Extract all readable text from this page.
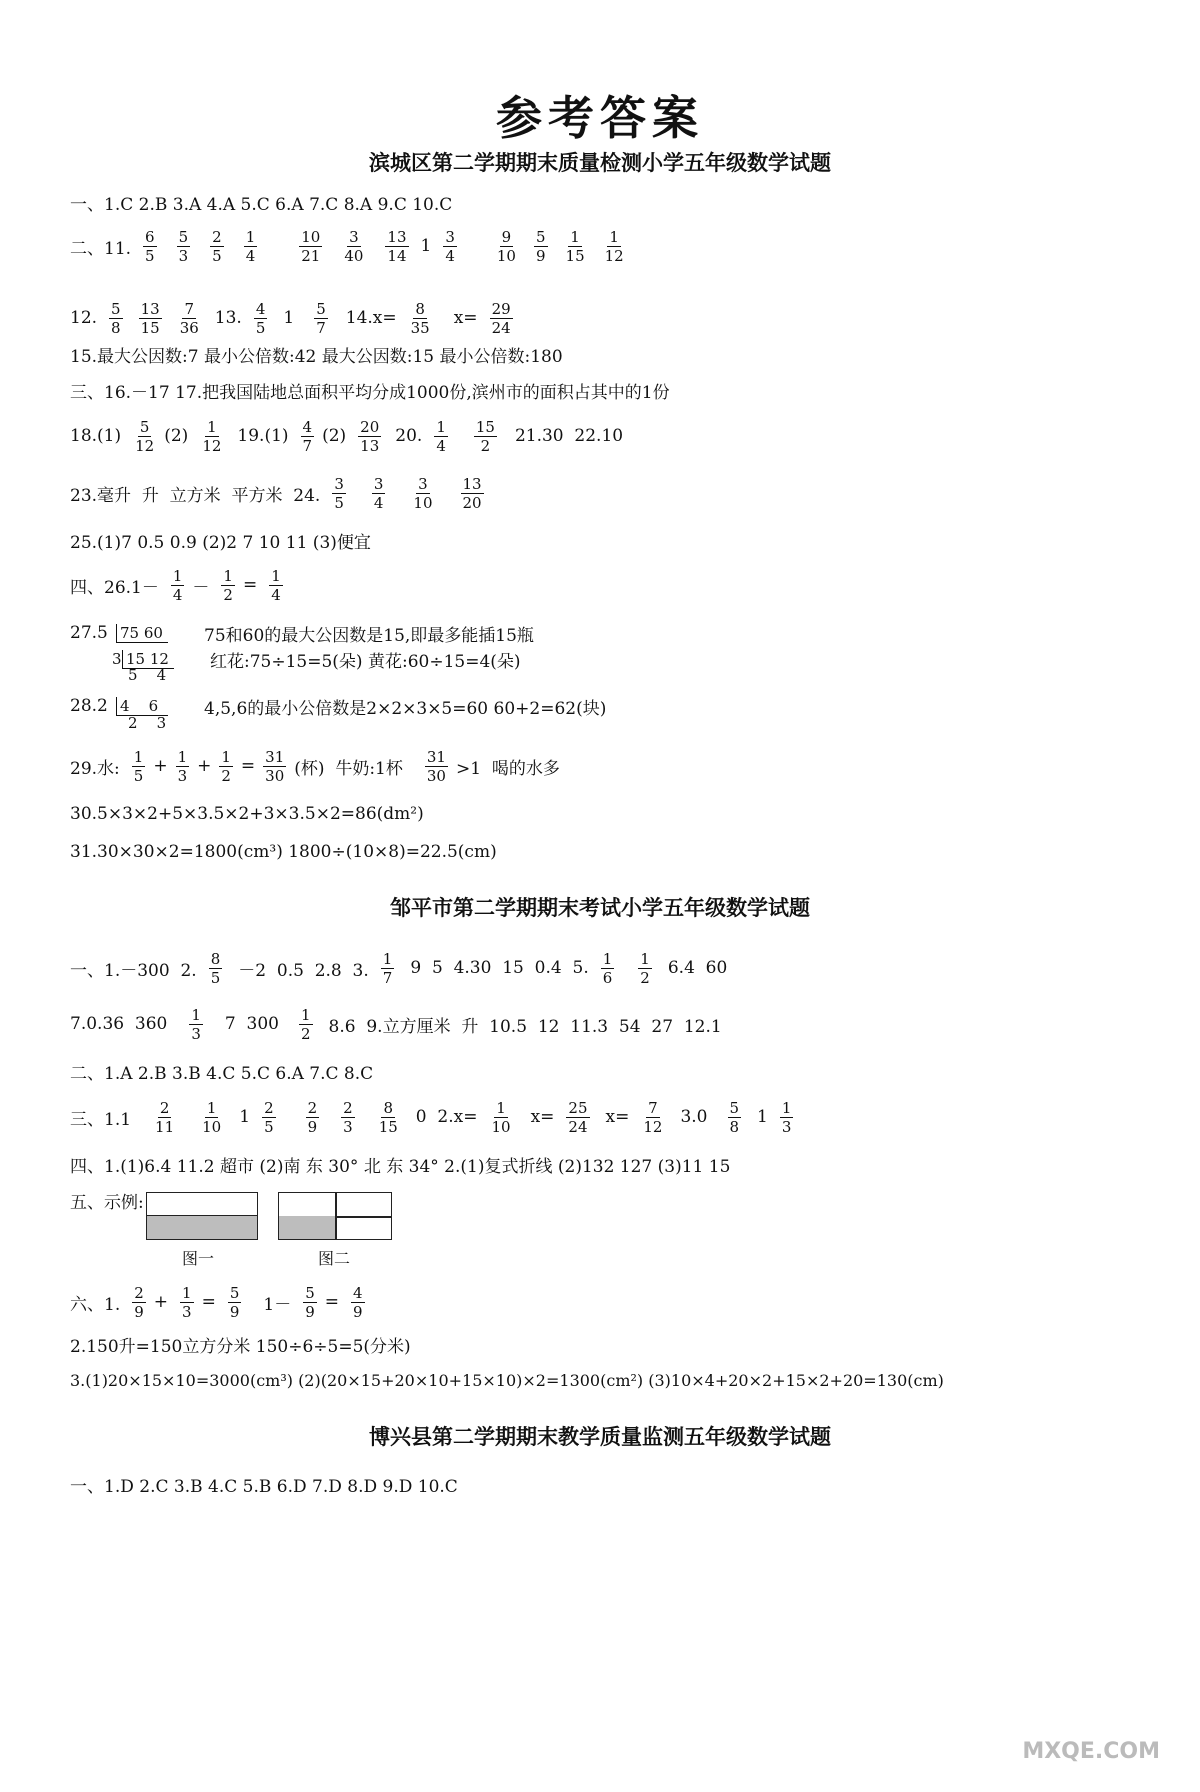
参考答案
滨城区第二学期期末质量检测小学五年级数学试题
一、1.C 2.B 3.A 4.A 5.C 6.A 7.C 8.A 9.C 10.C
二、11. $\frac{6}{5} \frac{5}{3} \frac{2}{5} \frac{1}{4}$	$\frac{10}{21} \frac{3}{40} \frac{13}{14} 1 \frac{3}{4}$	$\frac{9}{10} \frac{5}{9} \frac{1}{15} \frac{1}{12}$
12. $\frac{5}{8} \frac{13}{15} \frac{7}{36} 13$. $\frac{4}{5} 1 \frac{5}{7} 14.x= \frac{8}{35} x= \frac{29}{24}$
15.最大公因数:7 最小公倍数:42 最大公因数:15 最小公倍数:180
三、16.－17 17.把我国陆地总面积平均分成1000份,滨州市的面积占其中的1份
$18.(1) \frac{5}{12} (2) \frac{1}{12} 19.(1) \frac{4}{7} (2) \frac{20}{13} 20$. $\frac{1}{4} \frac{15}{2} 21.30$  22.10
23.毫升  升  立方米  平方米  24. $\frac{3}{5} \frac{3}{4} \frac{3}{10} \frac{13}{20}$
25.(1)7 0.5 0.9 (2)2 7 10 11 (3)便宜
四、$26.1- \frac{1}{4} - \frac{1}{2} = \frac{1}{4}$
27.5 75 60 75和60的最大公因数是15,即最多能插15瓶
3 15 12 红花:75÷15=5(朵) 黄花:60÷15=4(朵)
5    4
28.2 4    6	4,5,6的最小公倍数是2×2×3×5=60 60+2=62(块)
2    3
29.水: $\frac{1}{5} + \frac{1}{3} + \frac{1}{2} = \frac{31}{30}$ (杯)  牛奶:1杯 $\frac{31}{30} >1$  喝的水多
30.5×3×2+5×3.5×2+3×3.5×2=86(dm²)
31.30×30×2=1800(cm³) 1800÷(10×8)=22.5(cm)
邹平市第二学期期末考试小学五年级数学试题
一、1.－300  2. $\frac{8}{5} -2$  0.5  2.8  3. $\frac{1}{7} 9$  5  4.30  15  0.4  5. $\frac{1}{6} \frac{1}{2} 6.4$  60
7.0.36  $360 \frac{1}{3} 7$  $300 \frac{1}{2} 8.6$  9.立方厘米  升  10.5  12  11.3  54  27  12.1
二、1.A 2.B 3.B 4.C 5.C 6.A 7.C 8.C
三、$1.1 \frac{2}{11} \frac{1}{10} 1 \frac{2}{5} \frac{2}{9} \frac{2}{3} \frac{8}{15} 0$  $2.x= \frac{1}{10} x= \frac{25}{24} x= \frac{7}{12} 3.0 \frac{5}{8} 1 \frac{1}{3}$
四、1.(1)6.4 11.2 超市 (2)南 东 30° 北 东 34° 2.(1)复式折线 (2)132 127 (3)11 15
五、示例:
图一	图二
六、1. $\frac{2}{9} + \frac{1}{3} = \frac{5}{9} 1- \frac{5}{9} = \frac{4}{9}$
2.150升=150立方分米 150÷6÷5=5(分米)
3.(1)20×15×10=3000(cm³) (2)(20×15+20×10+15×10)×2=1300(cm²) (3)10×4+20×2+15×2+20=130(cm)
博兴县第二学期期末教学质量监测五年级数学试题
一、1.D 2.C 3.B 4.C 5.B 6.D 7.D 8.D 9.D 10.C
MXQE.COM
